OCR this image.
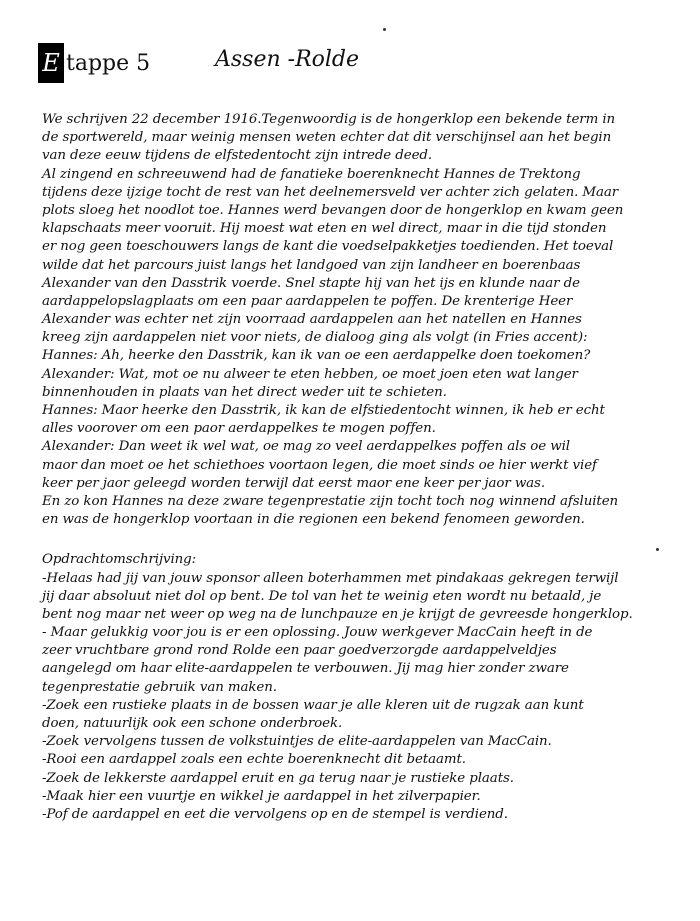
E tappe 5	Assen -Rolde
We schrijven 22 december 1916.Tegenwoordig is de hongerklop een bekende term in
de sportwereld, maar weinig mensen weten echter dat dit verschijnsel aan het begin
van deze eeuw tijdens de elfstedentocht zijn intrede deed.
Al zingend en schreeuwend had de fanatieke boerenknecht Hannes de Trektong
tijdens deze ijzige tocht de rest van het deelnemersveld ver achter zich gelaten. Maar
plots sloeg het noodlot toe. Hannes werd bevangen door de hongerklop en kwam geen
klapschaats meer vooruit. Hij moest wat eten en wel direct, maar in die tijd stonden
er nog geen toeschouwers langs de kant die voedselpakketjes toedienden. Het toeval
wilde dat het parcours juist langs het landgoed van zijn landheer en boerenbaas
Alexander van den Dasstrik voerde. Snel stapte hij van het ijs en klunde naar de
aardappelopslagplaats om een paar aardappelen te poffen. De krenterige Heer
Alexander was echter net zijn voorraad aardappelen aan het natellen en Hannes
kreeg zijn aardappelen niet voor niets, de dialoog ging als volgt (in Fries accent):
Hannes: Ah, heerke den Dasstrik, kan ik van oe een aerdappelke doen toekomen?
Alexander: Wat, mot oe nu alweer te eten hebben, oe moet joen eten wat langer
binnenhouden in plaats van het direct weder uit te schieten.
Hannes: Maor heerke den Dasstrik, ik kan de elfstiedentocht winnen, ik heb er echt
alles voorover om een paor aerdappelkes te mogen poffen.
Alexander: Dan weet ik wel wat, oe mag zo veel aerdappelkes poffen als oe wil
maor dan moet oe het schiethoes voortaon legen, die moet sinds oe hier werkt vief
keer per jaor geleegd worden terwijl dat eerst maor ene keer per jaor was.
En zo kon Hannes na deze zware tegenprestatie zijn tocht toch nog winnend afsluiten
en was de hongerklop voortaan in die regionen een bekend fenomeen geworden.
Opdrachtomschrijving:
-Helaas had jij van jouw sponsor alleen boterhammen met pindakaas gekregen terwijl
jij daar absoluut niet dol op bent. De tol van het te weinig eten wordt nu betaald, je
bent nog maar net weer op weg na de lunchpauze en je krijgt de gevreesde hongerklop.
- Maar gelukkig voor jou is er een oplossing. Jouw werkgever MacCain heeft in de
zeer vruchtbare grond rond Rolde een paar goedverzorgde aardappelveldjes
aangelegd om haar elite-aardappelen te verbouwen. Jij mag hier zonder zware
tegenprestatie gebruik van maken.
-Zoek een rustieke plaats in de bossen waar je alle kleren uit de rugzak aan kunt
doen, natuurlijk ook een schone onderbroek.
-Zoek vervolgens tussen de volkstuintjes de elite-aardappelen van MacCain.
-Rooi een aardappel zoals een echte boerenknecht dit betaamt.
-Zoek de lekkerste aardappel eruit en ga terug naar je rustieke plaats.
-Maak hier een vuurtje en wikkel je aardappel in het zilverpapier.
-Pof de aardappel en eet die vervolgens op en de stempel is verdiend.
